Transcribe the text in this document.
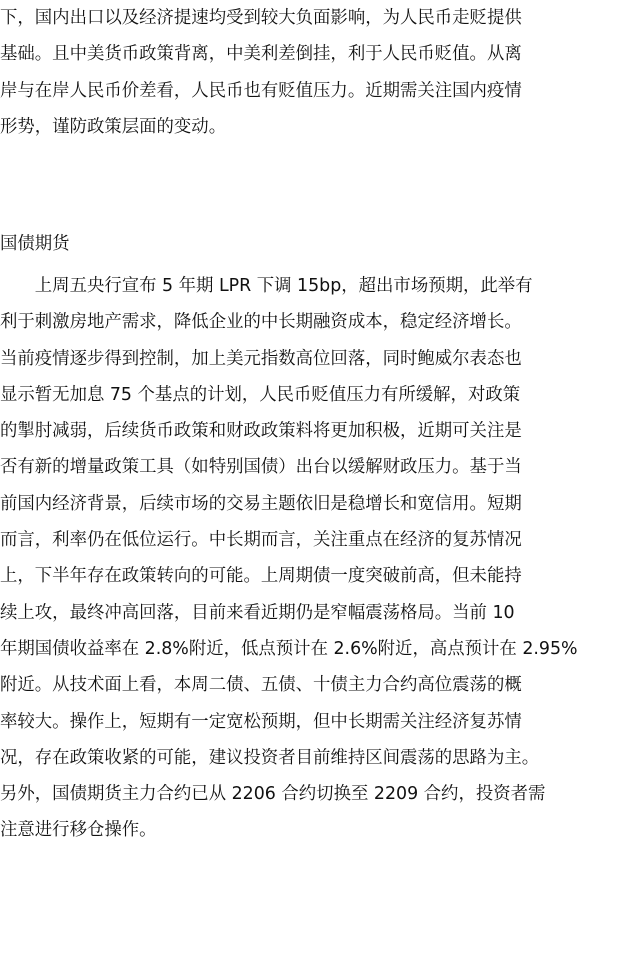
下，国内出口以及经济提速均受到较大负面影响，为人民币走贬提供
基础。且中美货币政策背离，中美利差倒挂，利于人民币贬值。从离
岸与在岸人民币价差看，人民币也有贬值压力。近期需关注国内疫情
形势，谨防政策层面的变动。
国债期货
　　上周五央行宣布 5 年期 LPR 下调 15bp，超出市场预期，此举有
利于刺激房地产需求，降低企业的中长期融资成本，稳定经济增长。
当前疫情逐步得到控制，加上美元指数高位回落，同时鲍威尔表态也
显示暂无加息 75 个基点的计划，人民币贬值压力有所缓解，对政策
的掣肘减弱，后续货币政策和财政政策料将更加积极，近期可关注是
否有新的增量政策工具（如特别国债）出台以缓解财政压力。基于当
前国内经济背景，后续市场的交易主题依旧是稳增长和宽信用。短期
而言，利率仍在低位运行。中长期而言，关注重点在经济的复苏情况
上，下半年存在政策转向的可能。上周期债一度突破前高，但未能持
续上攻，最终冲高回落，目前来看近期仍是窄幅震荡格局。当前 10
年期国债收益率在 2.8%附近，低点预计在 2.6%附近，高点预计在 2.95%
附近。从技术面上看，本周二债、五债、十债主力合约高位震荡的概
率较大。操作上，短期有一定宽松预期，但中长期需关注经济复苏情
况，存在政策收紧的可能，建议投资者目前维持区间震荡的思路为主。
另外，国债期货主力合约已从 2206 合约切换至 2209 合约，投资者需
注意进行移仓操作。
